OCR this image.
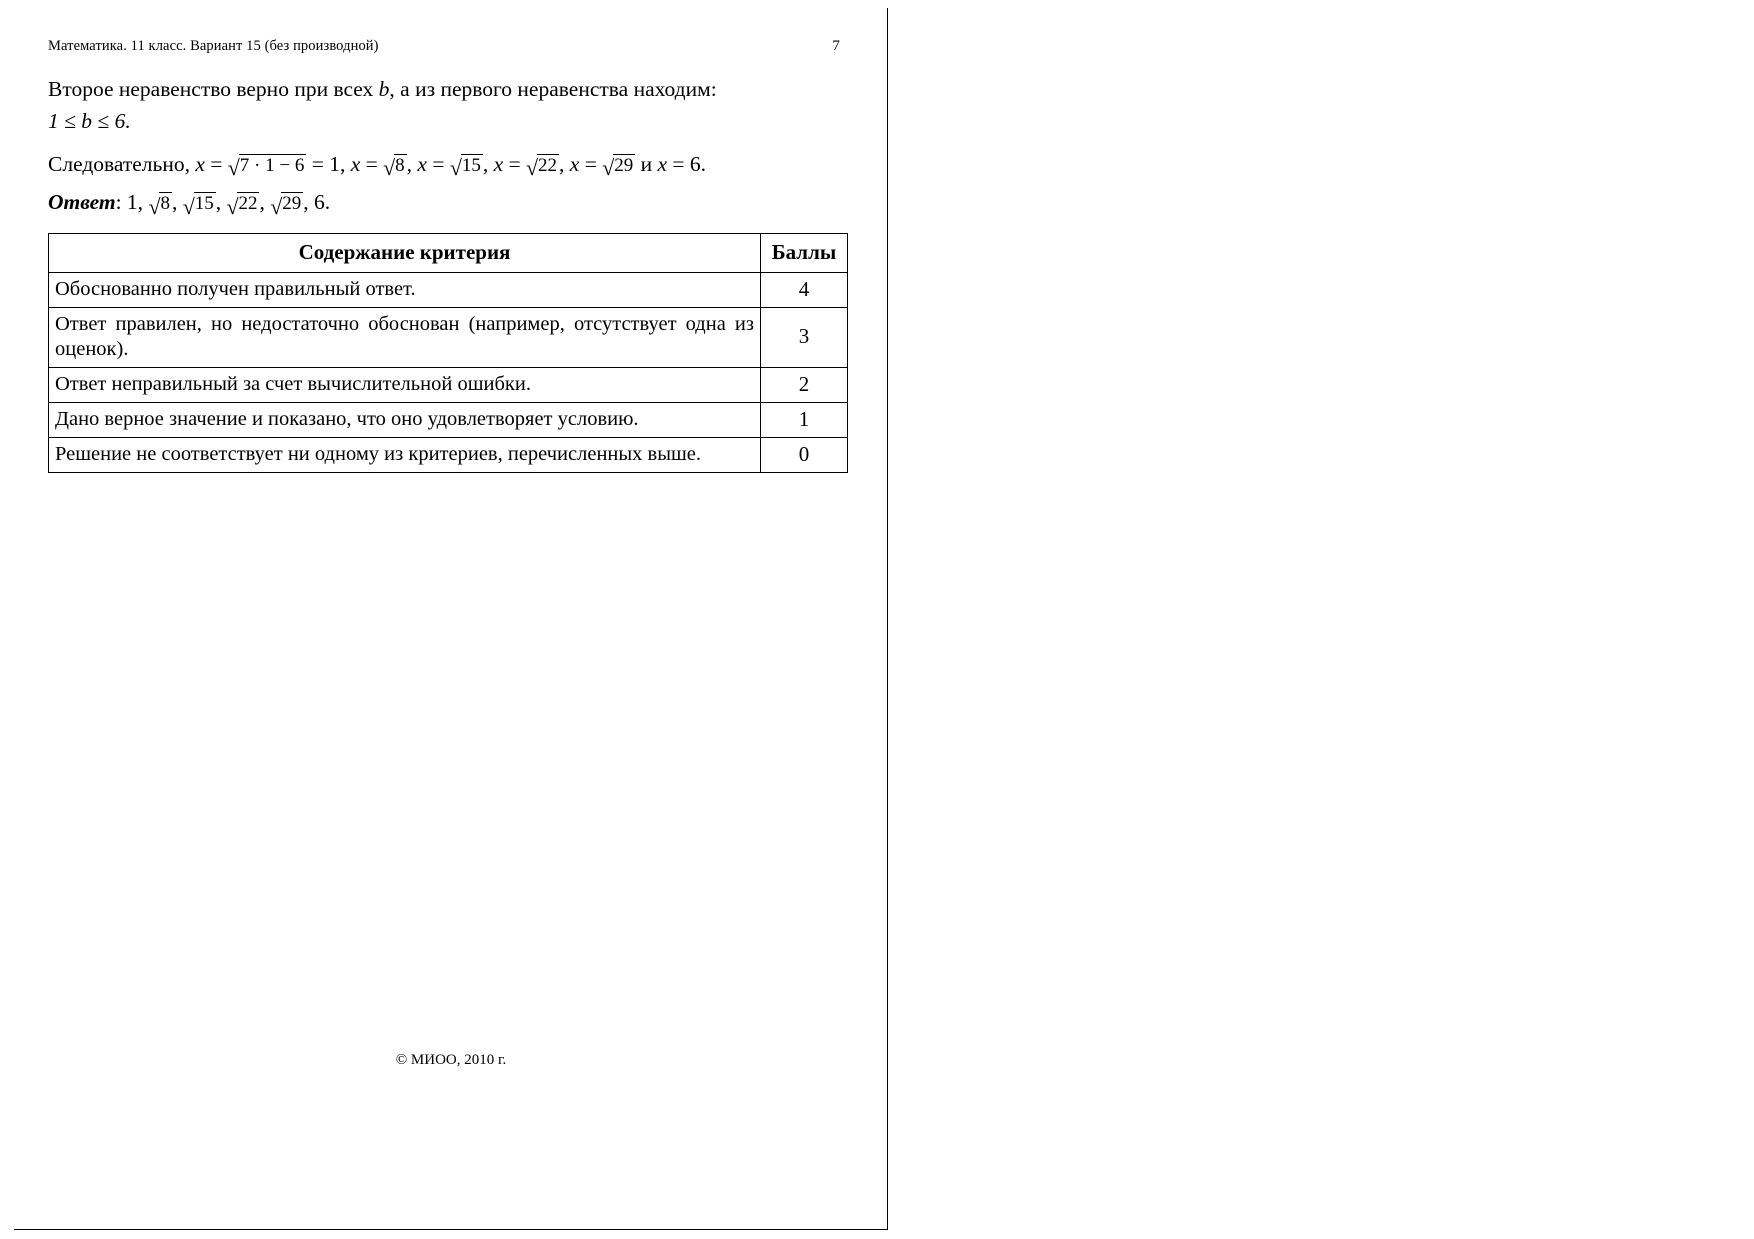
Математика. 11 класс. Вариант 15 (без производной)	7
Второе неравенство верно при всех b, а из первого неравенства находим:
1 ≤ b ≤ 6.
Следовательно, x = √ 7 · 1 − 6 = 1, x = √ 8, x = √ 15, x = √ 22, x = √ 29 и x = 6.
Ответ: 1, √ 8, √ 15, √ 22, √ 29, 6.
Содержание критерия	Баллы
Обоснованно получен правильный ответ.	4
Ответ правилен, но недостаточно обоснован (например, отсутствует одна из оценок).	3
Ответ неправильный за счет вычислительной ошибки.	2
Дано верное значение и показано, что оно удовлетворяет условию.	1
Решение не соответствует ни одному из критериев, перечисленных выше.	0
© МИОО, 2010 г.
